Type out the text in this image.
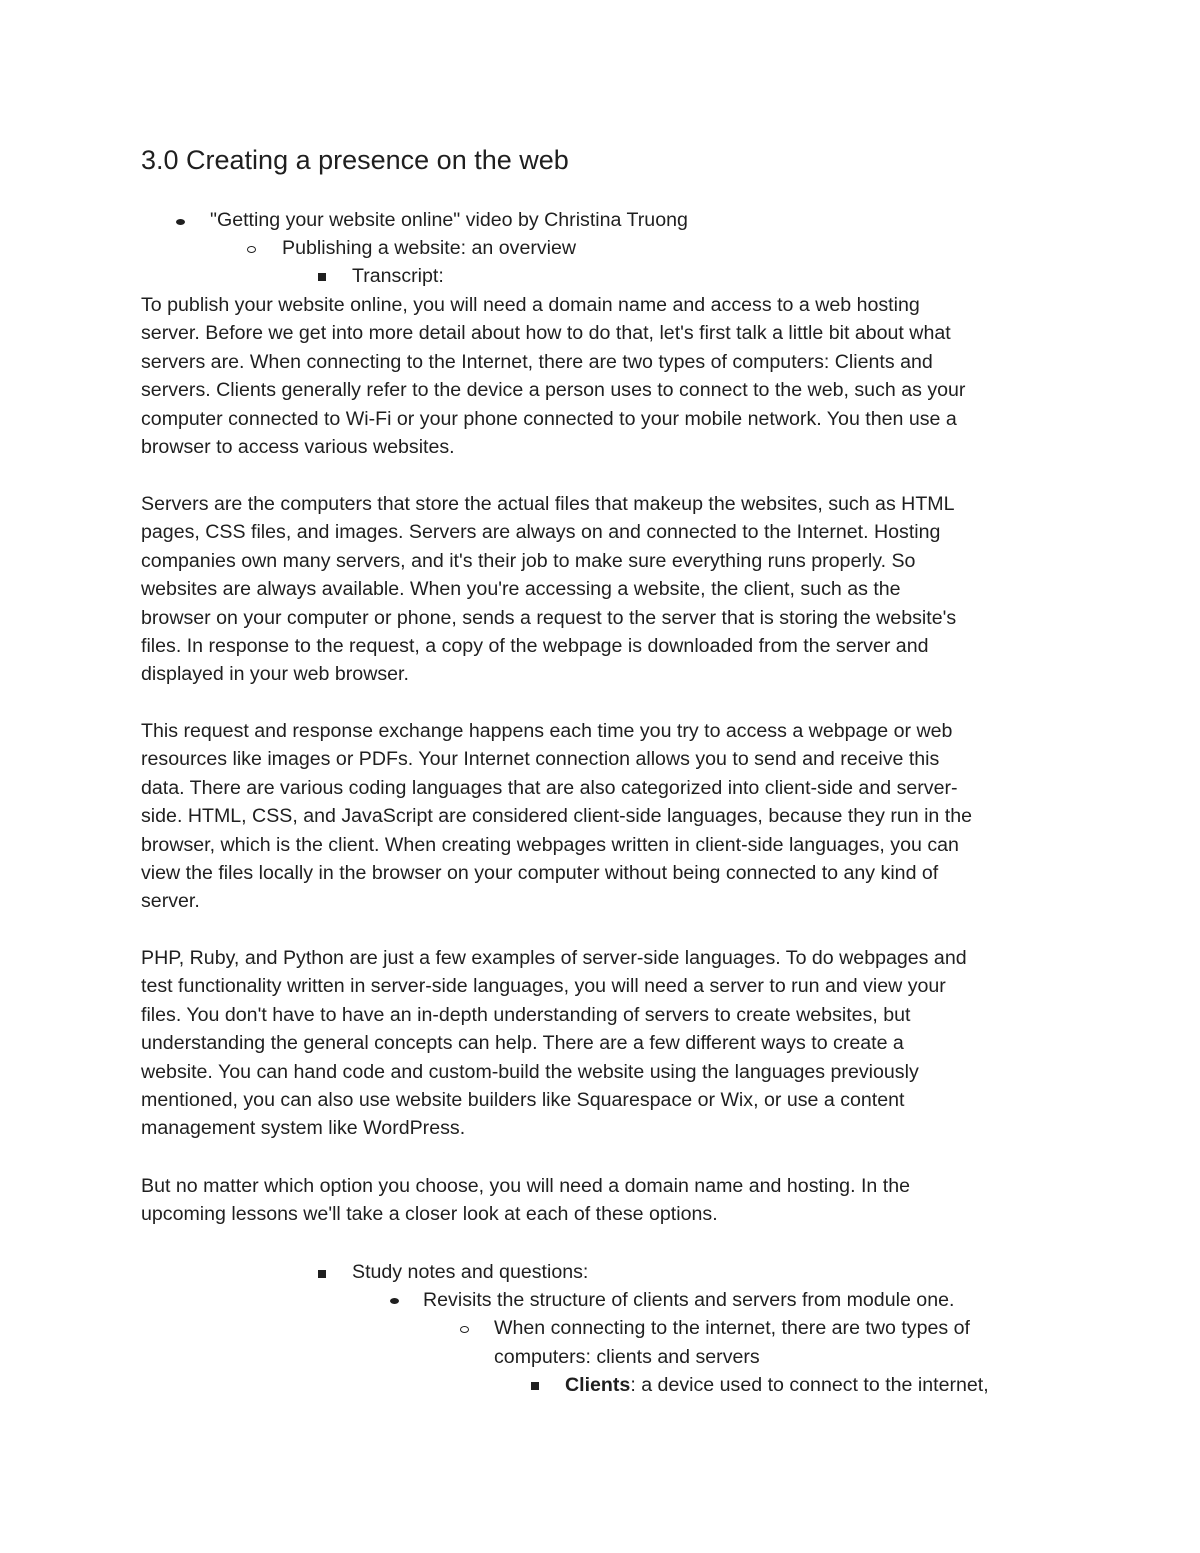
3.0 Creating a presence on the web
"Getting your website online" video by Christina Truong
Publishing a website: an overview
Transcript:
To publish your website online, you will need a domain name and access to a web hosting
server. Before we get into more detail about how to do that, let's first talk a little bit about what
servers are. When connecting to the Internet, there are two types of computers: Clients and
servers. Clients generally refer to the device a person uses to connect to the web, such as your
computer connected to Wi-Fi or your phone connected to your mobile network. You then use a
browser to access various websites.
Servers are the computers that store the actual files that makeup the websites, such as HTML
pages, CSS files, and images. Servers are always on and connected to the Internet. Hosting
companies own many servers, and it's their job to make sure everything runs properly. So
websites are always available. When you're accessing a website, the client, such as the
browser on your computer or phone, sends a request to the server that is storing the website's
files. In response to the request, a copy of the webpage is downloaded from the server and
displayed in your web browser.
This request and response exchange happens each time you try to access a webpage or web
resources like images or PDFs. Your Internet connection allows you to send and receive this
data. There are various coding languages that are also categorized into client-side and server-
side. HTML, CSS, and JavaScript are considered client-side languages, because they run in the
browser, which is the client. When creating webpages written in client-side languages, you can
view the files locally in the browser on your computer without being connected to any kind of
server.
PHP, Ruby, and Python are just a few examples of server-side languages. To do webpages and
test functionality written in server-side languages, you will need a server to run and view your
files. You don't have to have an in-depth understanding of servers to create websites, but
understanding the general concepts can help. There are a few different ways to create a
website. You can hand code and custom-build the website using the languages previously
mentioned, you can also use website builders like Squarespace or Wix, or use a content
management system like WordPress.
But no matter which option you choose, you will need a domain name and hosting. In the
upcoming lessons we'll take a closer look at each of these options.
Study notes and questions:
Revisits the structure of clients and servers from module one.
When connecting to the internet, there are two types of
computers: clients and servers
Clients: a device used to connect to the internet,
